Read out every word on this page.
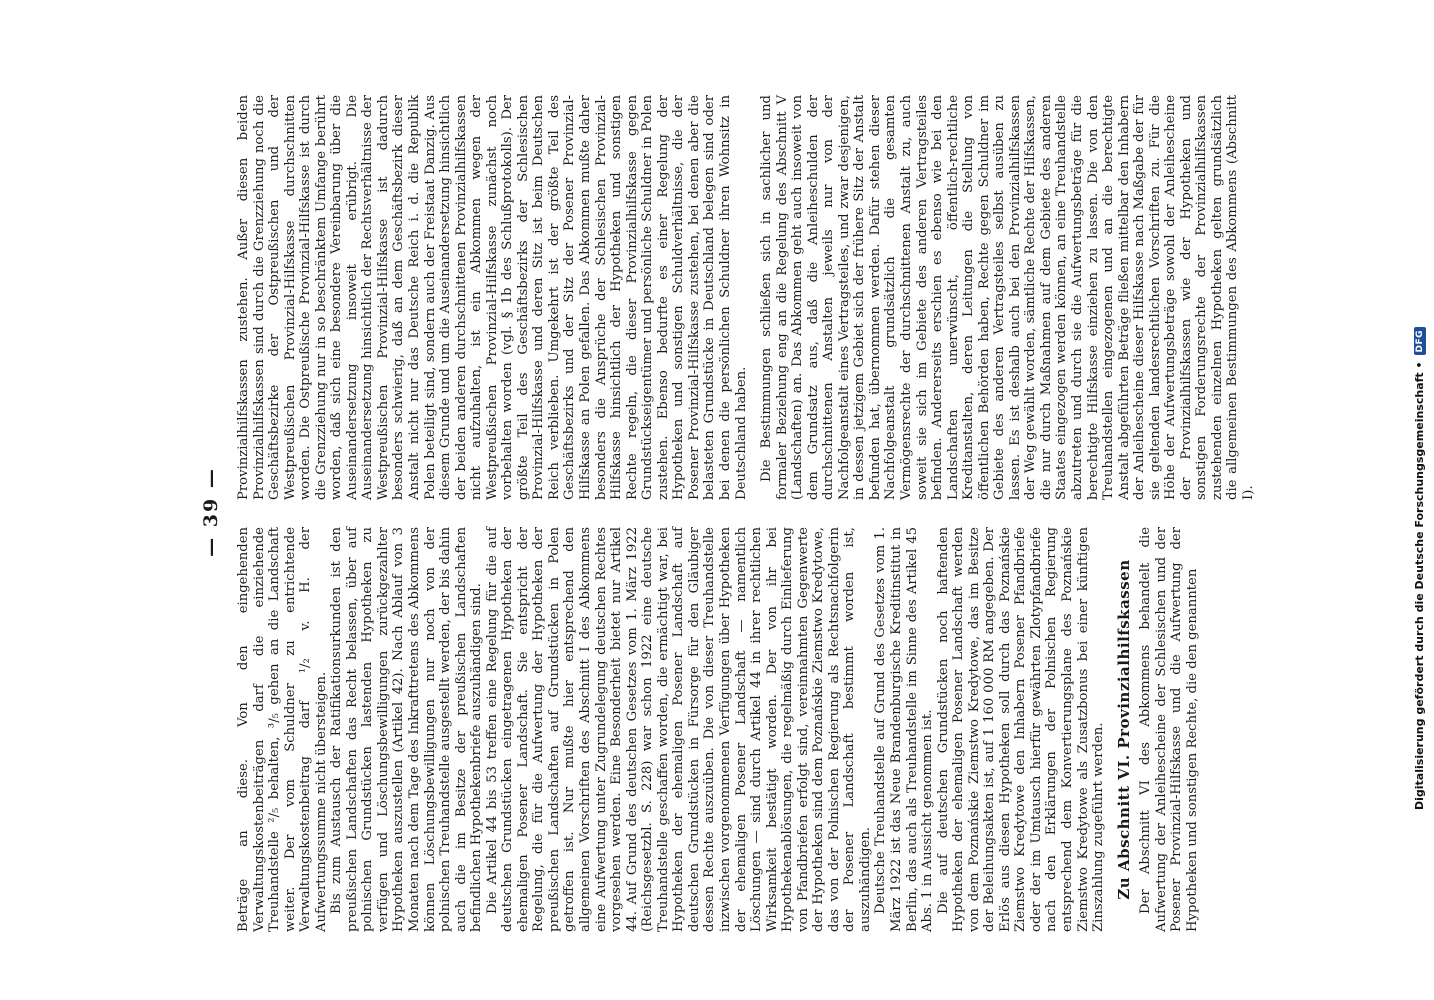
— 39 —

Beträge an diese. Von den eingehenden Verwaltungskostenbeiträgen darf die einziehende Treuhandstelle ²/₅ behalten, ³/₅ gehen an die Landschaft weiter. Der vom Schuldner zu entrichtende Verwaltungskostenbeitrag darf ¹/₂ v. H. der Aufwertungssumme nicht übersteigen. Bis zum Austausch der Ratifikationsurkunden ist den preußischen Landschaften das Recht belassen, über auf polnischen Grundstücken lastenden Hypotheken zu verfügen und Löschungsbewilligungen zurückgezahlter Hypotheken auszustellen (Artikel 42). Nach Ablauf von 3 Monaten nach dem Tage des Inkrafttretens des Abkommens können Löschungsbewilligungen nur noch von der polnischen Treuhandstelle ausgestellt werden, der bis dahin auch die im Besitze der preußischen Landschaften befindlichen Hypothekenbriefe auszuhändigen sind. Die Artikel 44 bis 53 treffen eine Regelung für die auf deutschen Grundstücken eingetragenen Hypotheken der ehemaligen Posener Landschaft. Sie entspricht der Regelung, die für die Aufwertung der Hypotheken der preußischen Landschaften auf Grundstücken in Polen getroffen ist. Nur mußte hier entsprechend den allgemeinen Vorschriften des Abschnitt I des Abkommens eine Aufwertung unter Zugrundelegung deutschen Rechtes vorgesehen werden. Eine Besonderheit bietet nur Artikel 44. Auf Grund des deutschen Gesetzes vom 1. März 1922 (Reichsgesetzbl. S. 228) war schon 1922 eine deutsche Treuhandstelle geschaffen worden, die ermächtigt war, bei Hypotheken der ehemaligen Posener Landschaft auf deutschen Grundstücken in Fürsorge für den Gläubiger dessen Rechte auszuüben. Die von dieser Treuhandstelle inzwischen vorgenommenen Verfügungen über Hypotheken der ehemaligen Posener Landschaft — namentlich Löschungen — sind durch Artikel 44 in ihrer rechtlichen Wirksamkeit bestätigt worden. Der von ihr bei Hypothekenablösungen, die regelmäßig durch Einlieferung von Pfandbriefen erfolgt sind, vereinnahmten Gegenwerte der Hypotheken sind dem Poznańskie Ziemstwo Kredytowe, das von der Polnischen Regierung als Rechtsnachfolgerin der Posener Landschaft bestimmt worden ist, auszuhändigen. Deutsche Treuhandstelle auf Grund des Gesetzes vom 1. März 1922 ist das Neue Brandenburgische Kreditinstitut in Berlin, das auch als Treuhandstelle im Sinne des Artikel 45 Abs. 1 in Aussicht genommen ist. Die auf deutschen Grundstücken noch haftenden Hypotheken der ehemaligen Posener Landschaft werden von dem Poznańskie Ziemstwo Kredytowe, das im Besitze der Beleihungsakten ist, auf 1 160 000 RM angegeben. Der Erlös aus diesen Hypotheken soll durch das Poznańskie Ziemstwo Kredytowe den Inhabern Posener Pfandbriefe oder der im Umtausch hierfür gewährten Zlotypfandbriefe nach den Erklärungen der Polnischen Regierung entsprechend dem Konvertierungsplane des Poznańskie Ziemstwo Kredytowe als Zusatzbonus bei einer künftigen Zinszahlung zugeführt werden. Zu Abschnitt VI. Provinzialhilfskassen Der Abschnitt VI des Abkommens behandelt die Aufwertung der Anleihescheine der Schlesischen und der Posener Provinzial-Hilfskasse und die Aufwertung der Hypotheken und sonstigen Rechte, die den genannten

Provinzialhilfskassen zustehen. Außer diesen beiden Provinzialhilfskassen sind durch die Grenzziehung noch die Geschäftsbezirke der Ostpreußischen und der Westpreußischen Provinzial-Hilfskasse durchschnitten worden. Die Ostpreußische Provinzial-Hilfskasse ist durch die Grenzziehung nur in so beschränktem Umfange berührt worden, daß sich eine besondere Vereinbarung über die Auseinandersetzung insoweit erübrigt. Die Auseinandersetzung hinsichtlich der Rechtsverhältnisse der Westpreußischen Provinzial-Hilfskasse ist dadurch besonders schwierig, daß an dem Geschäftsbezirk dieser Anstalt nicht nur das Deutsche Reich i. d. die Republik Polen beteiligt sind, sondern auch der Freistaat Danzig. Aus diesem Grunde und um die Auseinandersetzung hinsichtlich der beiden anderen durchschnittenen Provinzialhilfskassen nicht aufzuhalten, ist ein Abkommen wegen der Westpreußischen Provinzial-Hilfskasse zunächst noch vorbehalten worden (vgl. § 1b des Schlußprotokolls). Der größte Teil des Geschäftsbezirks der Schlesischen Provinzial-Hilfskasse und deren Sitz ist beim Deutschen Reich verblieben. Umgekehrt ist der größte Teil des Geschäftsbezirks und der Sitz der Posener Provinzial-Hilfskasse an Polen gefallen. Das Abkommen mußte daher besonders die Ansprüche der Schlesischen Provinzial-Hilfskasse hinsichtlich der Hypotheken und sonstigen Rechte regeln, die dieser Provinzialhilfskasse gegen Grundstückseigentümer und persönliche Schuldner in Polen zustehen. Ebenso bedurfte es einer Regelung der Hypotheken und sonstigen Schuldverhältnisse, die der Posener Provinzial-Hilfskasse zustehen, bei denen aber die belasteten Grundstücke in Deutschland belegen sind oder bei denen die persönlichen Schuldner ihren Wohnsitz in Deutschland haben. Die Bestimmungen schließen sich in sachlicher und formaler Beziehung eng an die Regelung des Abschnitt V (Landschaften) an. Das Abkommen geht auch insoweit von dem Grundsatz aus, daß die Anleiheschulden der durchschnittenen Anstalten jeweils nur von der Nachfolgeanstalt eines Vertragsteiles, und zwar desjenigen, in dessen jetzigem Gebiet sich der frühere Sitz der Anstalt befunden hat, übernommen werden. Dafür stehen dieser Nachfolgeanstalt grundsätzlich die gesamten Vermögensrechte der durchschnittenen Anstalt zu, auch soweit sie sich im Gebiete des anderen Vertragsteiles befinden. Andererseits erschien es ebenso wie bei den Landschaften unerwünscht, öffentlich-rechtliche Kreditanstalten, deren Leitungen die Stellung von öffentlichen Behörden haben, Rechte gegen Schuldner im Gebiete des anderen Vertragsteiles selbst ausüben zu lassen. Es ist deshalb auch bei den Provinzialhilfskassen der Weg gewählt worden, sämtliche Rechte der Hilfskassen, die nur durch Maßnahmen auf dem Gebiete des anderen Staates eingezogen werden können, an eine Treuhandstelle abzutreten und durch sie die Aufwertungsbeträge für die berechtigte Hilfskasse einziehen zu lassen. Die von den Treuhandstellen eingezogenen und an die berechtigte Anstalt abgeführten Beträge fließen mittelbar den Inhabern der Anleihescheine dieser Hilfskasse nach Maßgabe der für sie geltenden landesrechtlichen Vorschriften zu. Für die Höhe der Aufwertungsbeträge sowohl der Anleihescheine der Provinzialhilfskassen wie der Hypotheken und sonstigen Forderungsrechte der Provinzialhilfskassen zustehenden einzelnen Hypotheken gelten grundsätzlich die allgemeinen Bestimmungen des Abkommens (Abschnitt I).	Digitalisierung gefördert durch die Deutsche Forschungsgemeinschaft •
DFG
